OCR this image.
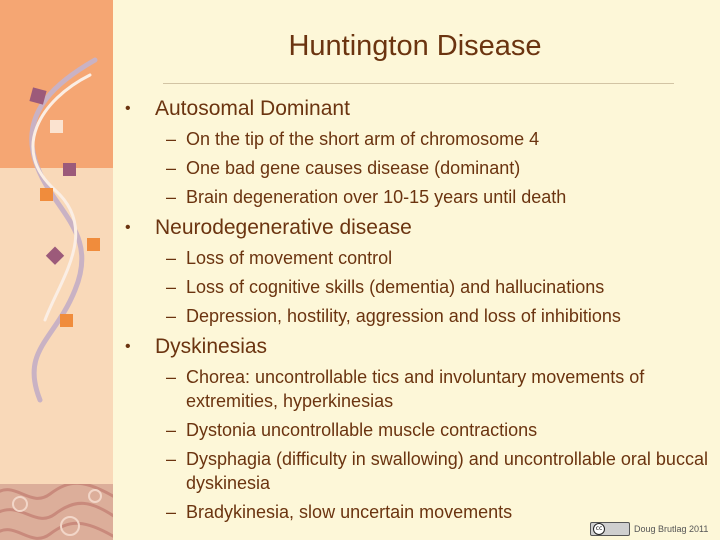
Huntington Disease
• Autosomal Dominant
– On the tip of the short arm of chromosome 4
– One bad gene causes disease (dominant)
– Brain degeneration over 10-15 years until death
• Neurodegenerative disease
– Loss of movement control
– Loss of cognitive skills (dementia) and hallucinations
– Depression, hostility, aggression and loss of inhibitions
• Dyskinesias
– Chorea: uncontrollable tics and involuntary movements of extremities, hyperkinesias
– Dystonia uncontrollable muscle contractions
– Dysphagia (difficulty in swallowing) and uncontrollable oral buccal dyskinesia
– Bradykinesia, slow uncertain movements
cc	Doug Brutlag 2011
